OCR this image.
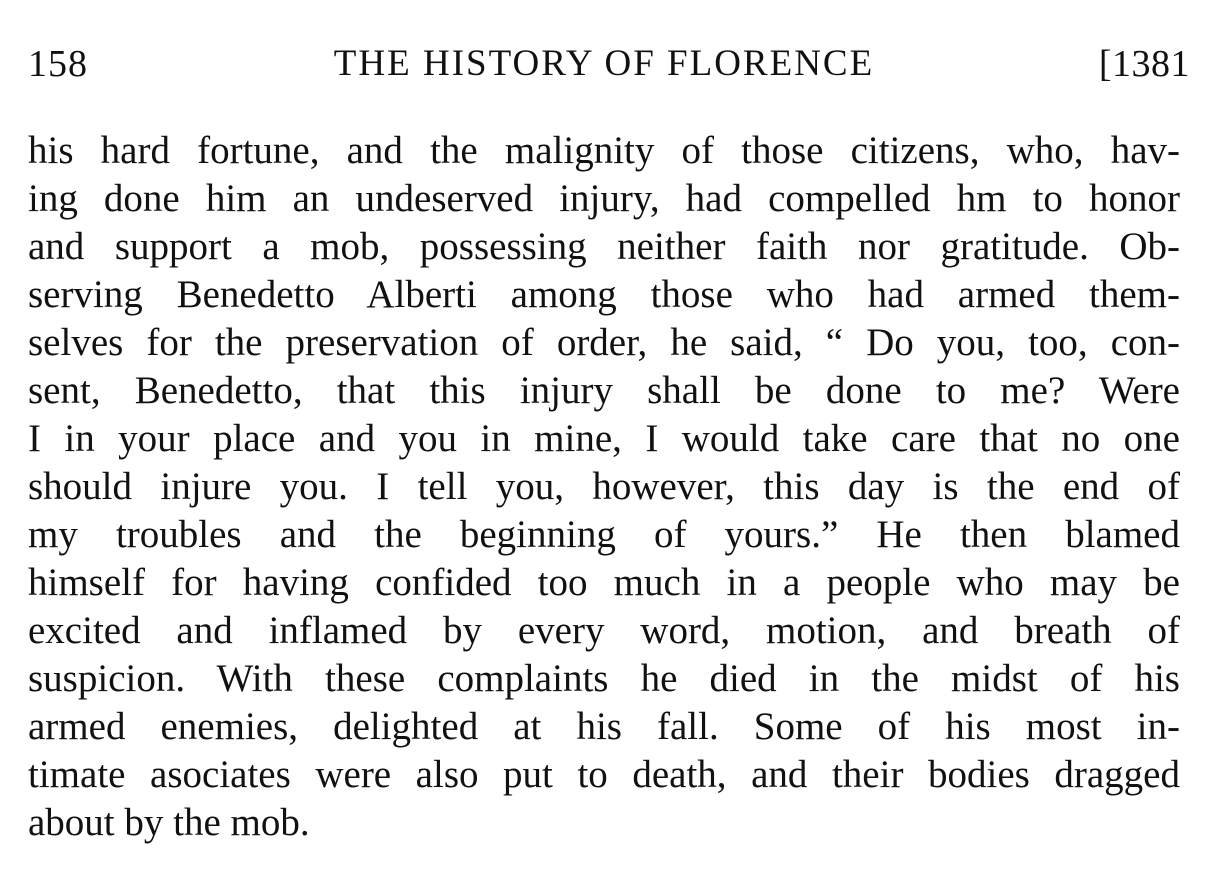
158	THE HISTORY OF FLORENCE	[1381
his hard fortune, and the malignity of those citizens, who, hav-
ing done him an undeserved injury, had compelled hm to honor
and support a mob, possessing neither faith nor gratitude. Ob-
serving Benedetto Alberti among those who had armed them-
selves for the preservation of order, he said, “ Do you, too, con-
sent, Benedetto, that this injury shall be done to me? Were
I in your place and you in mine, I would take care that no one
should injure you. I tell you, however, this day is the end of
my troubles and the beginning of yours.” He then blamed
himself for having confided too much in a people who may be
excited and inflamed by every word, motion, and breath of
suspicion. With these complaints he died in the midst of his
armed enemies, delighted at his fall. Some of his most in-
timate asociates were also put to death, and their bodies dragged
about by the mob.
